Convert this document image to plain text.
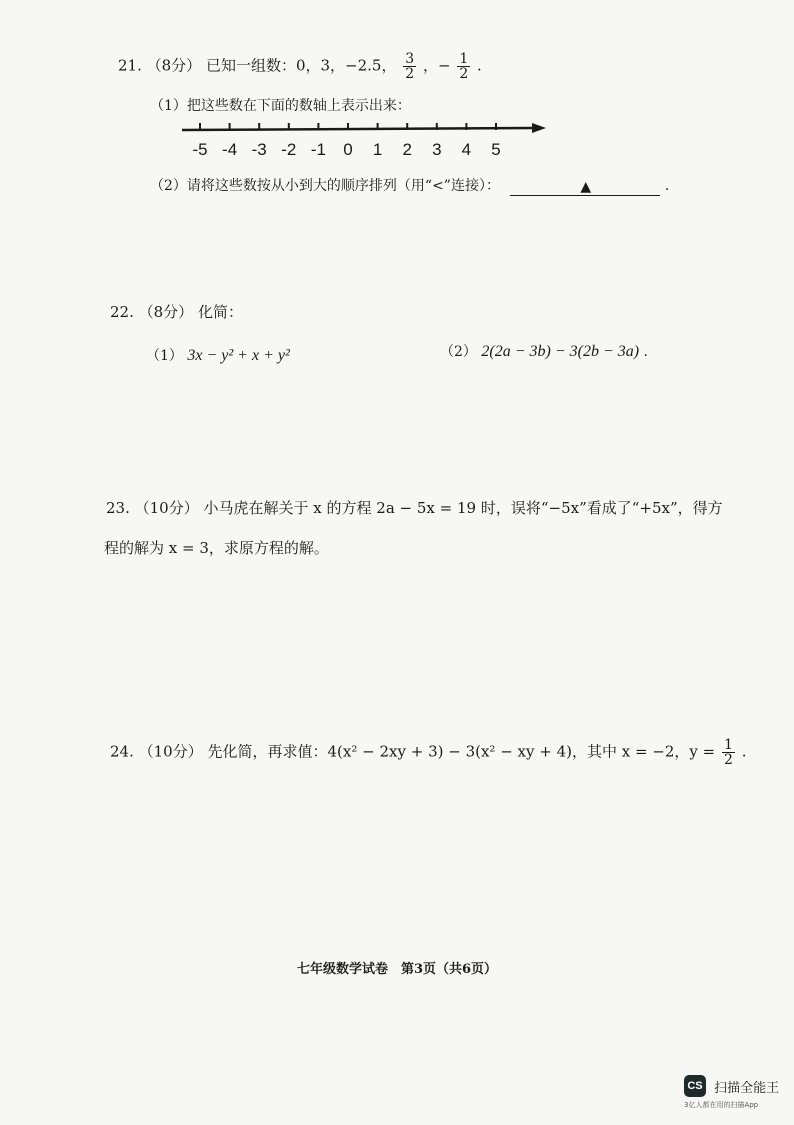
21. （8分） 已知一组数：0，3，−2.5， $\frac{3}{2}$ ，− $\frac{1}{2}$ .
（1）把这些数在下面的数轴上表示出来：
-5 -4 -3 -2 -1 0 1 2 3 4 5
（2）请将这些数按从小到大的顺序排列（用“<”连接）：	▲	.
22. （8分） 化简：
（1） 3x − y² + x + y²	（2） 2(2a − 3b) − 3(2b − 3a) .
23. （10分） 小马虎在解关于 x 的方程 2a − 5x = 19 时，误将“−5x”看成了“+5x”，得方
程的解为 x = 3，求原方程的解。
24. （10分） 先化简，再求值：4(x² − 2xy + 3) − 3(x² − xy + 4)，其中 x = −2，$y = \frac{1}{2}$ .
七年级数学试卷　第3页（共6页）
CS 扫描全能王
3亿人都在用的扫描App
